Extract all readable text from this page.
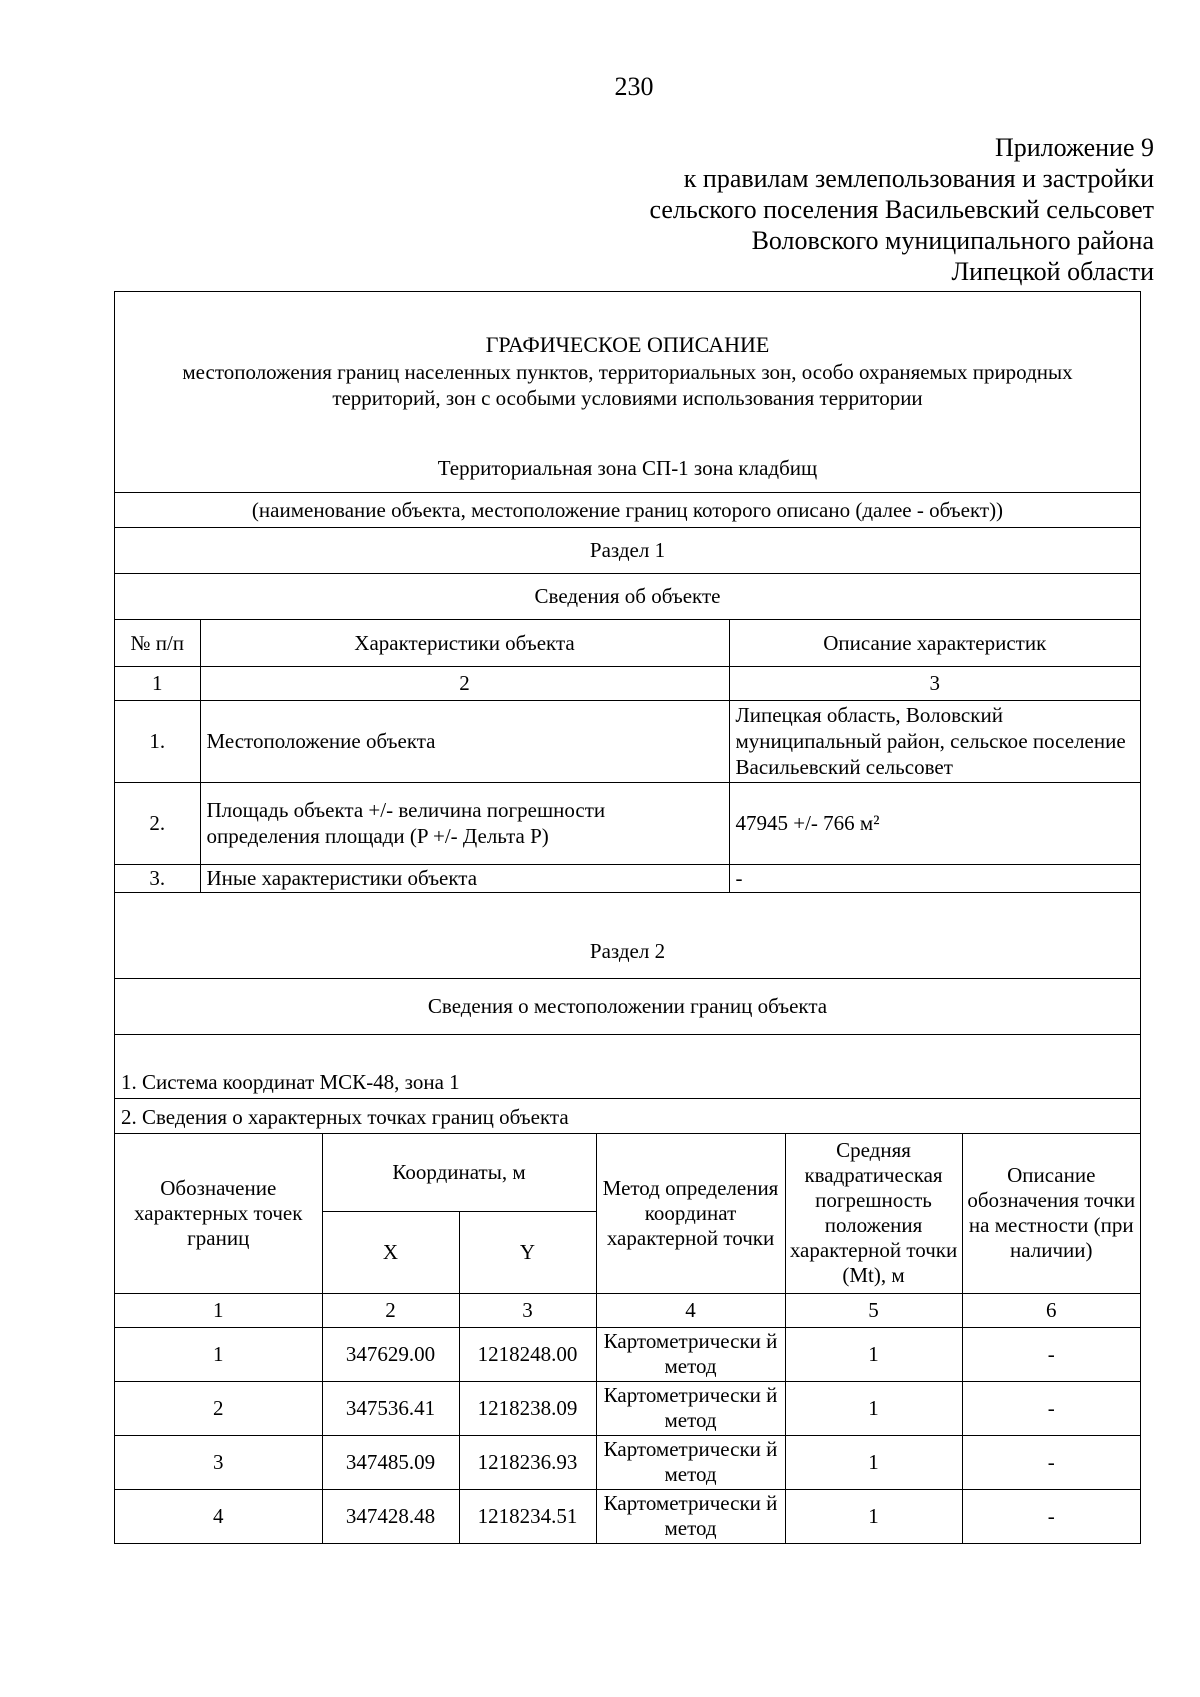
230
Приложение 9
к правилам землепользования и застройки
сельского поселения Васильевский сельсовет
Воловского муниципального района
Липецкой области
ГРАФИЧЕСКОЕ ОПИСАНИЕ
местоположения границ населенных пунктов, территориальных зон, особо охраняемых природных территорий, зон с особыми условиями использования территории
Территориальная зона СП-1 зона кладбищ
(наименование объекта, местоположение границ которого описано (далее - объект))
Раздел 1
Сведения об объекте
№ п/п	Характеристики объекта	Описание характеристик
1	2	3
1.	Местоположение объекта	Липецкая область, Воловский муниципальный район, сельское поселение Васильевский сельсовет
2.	Площадь объекта +/- величина погрешности определения площади (P +/- Дельта P)	47945 +/- 766 м²
3.	Иные характеристики объекта	-
Раздел 2
Сведения о местоположении границ объекта
1. Система координат МСК-48, зона 1
2. Сведения о характерных точках границ объекта
Обозначение характерных точек границ	Координаты, м		Метод определения координат характерной точки	Средняя квадратическая погрешность положения характерной точки (Mt), м	Описание обозначения точки на местности (при наличии)
	X	Y			
1	2	3	4	5	6
1	347629.00	1218248.00	Картометрически й метод	1	-
2	347536.41	1218238.09	Картометрически й метод	1	-
3	347485.09	1218236.93	Картометрически й метод	1	-
4	347428.48	1218234.51	Картометрически й метод	1	-
